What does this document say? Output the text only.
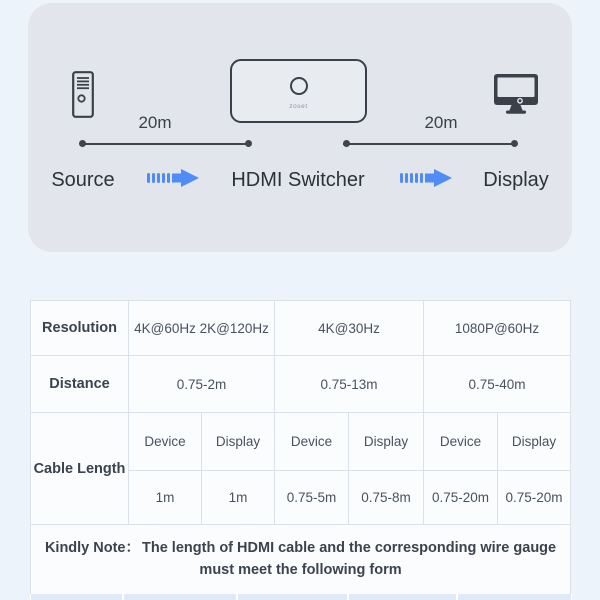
zoset
20m	20m
Source	HDMI Switcher	Display
Resolution	4K@60Hz 2K@120Hz		4K@30Hz		1080P@60Hz	
Distance	0.75-2m		0.75-13m		0.75-40m	
Cable Length	Device	Display	Device	Display	Device	Display
	1m	1m	0.75-5m	0.75-8m	0.75-20m	0.75-20m

Kindly Note： The length of HDMI cable and the corresponding wire gauge
must meet the following form						
